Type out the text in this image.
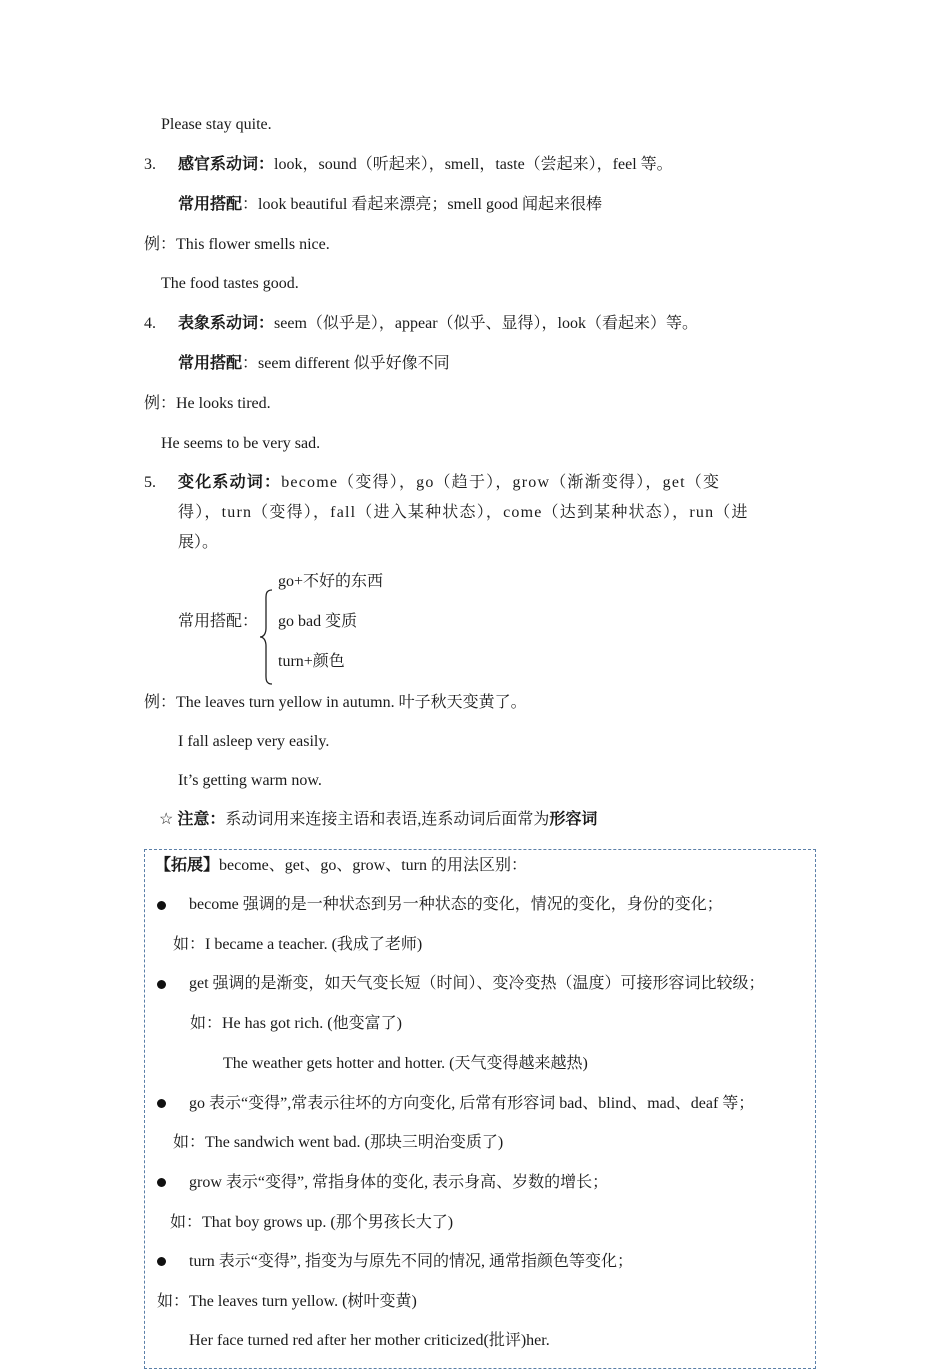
Please stay quite.
3. 感官系动词：look，sound（听起来），smell，taste（尝起来），feel 等。
常用搭配：look beautiful 看起来漂亮；smell good 闻起来很棒
例：This flower smells nice.
The food tastes good.
4. 表象系动词：seem（似乎是），appear（似乎、显得），look（看起来）等。
常用搭配：seem different 似乎好像不同
例：He looks tired.
He seems to be very sad.
5. 变化系动词：become（变得），go（趋于），grow（渐渐变得），get（变
得），turn（变得），fall（进入某种状态），come（达到某种状态），run（进
展）。
常用搭配：
go+不好的东西
go bad 变质
turn+颜色
例：The leaves turn yellow in autumn. 叶子秋天变黄了。
I fall asleep very easily.
It’s getting warm now.
☆ 注意：系动词用来连接主语和表语,连系动词后面常为形容词
【拓展】become、get、go、grow、turn 的用法区别：
become 强调的是一种状态到另一种状态的变化，情况的变化，身份的变化；
如：I became a teacher. (我成了老师)
get 强调的是渐变，如天气变长短（时间）、变冷变热（温度）可接形容词比较级；
如：He has got rich. (他变富了)
The weather gets hotter and hotter. (天气变得越来越热)
go 表示“变得”,常表示往坏的方向变化, 后常有形容词 bad、blind、mad、deaf 等；
如：The sandwich went bad. (那块三明治变质了)
grow 表示“变得”, 常指身体的变化, 表示身高、岁数的增长；
如：That boy grows up. (那个男孩长大了)
turn 表示“变得”, 指变为与原先不同的情况, 通常指颜色等变化；
如：The leaves turn yellow. (树叶变黄)
Her face turned red after her mother criticized(批评)her.
